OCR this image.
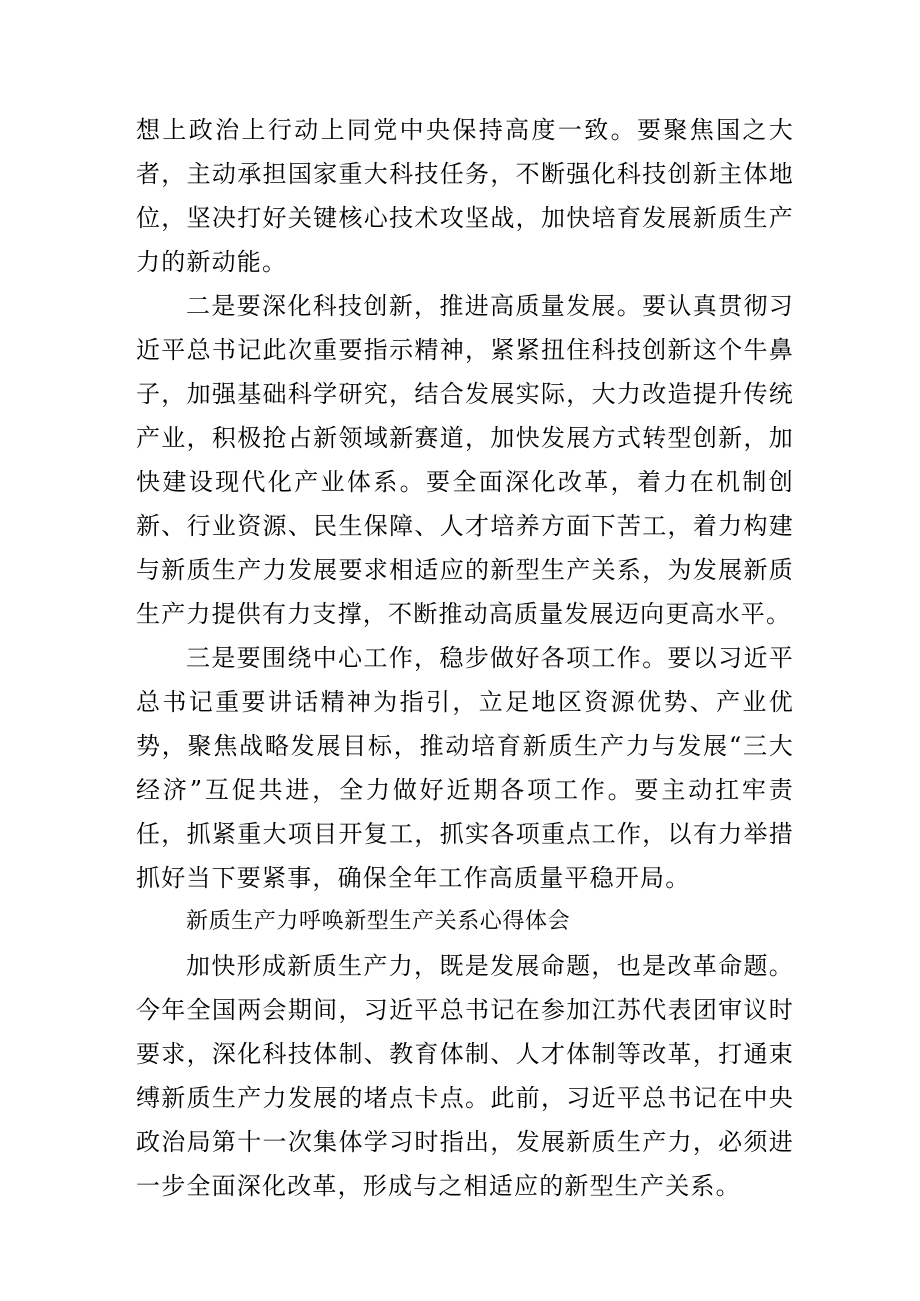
想上政治上行动上同党中央保持高度一致。要聚焦国之大者，主动承担国家重大科技任务，不断强化科技创新主体地位，坚决打好关键核心技术攻坚战，加快培育发展新质生产力的新动能。

二是要深化科技创新，推进高质量发展。要认真贯彻习近平总书记此次重要指示精神，紧紧扭住科技创新这个牛鼻子，加强基础科学研究，结合发展实际，大力改造提升传统产业，积极抢占新领域新赛道，加快发展方式转型创新，加快建设现代化产业体系。要全面深化改革，着力在机制创新、行业资源、民生保障、人才培养方面下苦工，着力构建与新质生产力发展要求相适应的新型生产关系，为发展新质生产力提供有力支撑，不断推动高质量发展迈向更高水平。

三是要围绕中心工作，稳步做好各项工作。要以习近平总书记重要讲话精神为指引，立足地区资源优势、产业优势，聚焦战略发展目标，推动培育新质生产力与发展“三大经济”互促共进，全力做好近期各项工作。要主动扛牢责任，抓紧重大项目开复工，抓实各项重点工作，以有力举措抓好当下要紧事，确保全年工作高质量平稳开局。

新质生产力呼唤新型生产关系心得体会

加快形成新质生产力，既是发展命题，也是改革命题。今年全国两会期间，习近平总书记在参加江苏代表团审议时要求，深化科技体制、教育体制、人才体制等改革，打通束缚新质生产力发展的堵点卡点。此前，习近平总书记在中央政治局第十一次集体学习时指出，发展新质生产力，必须进一步全面深化改革，形成与之相适应的新型生产关系。
